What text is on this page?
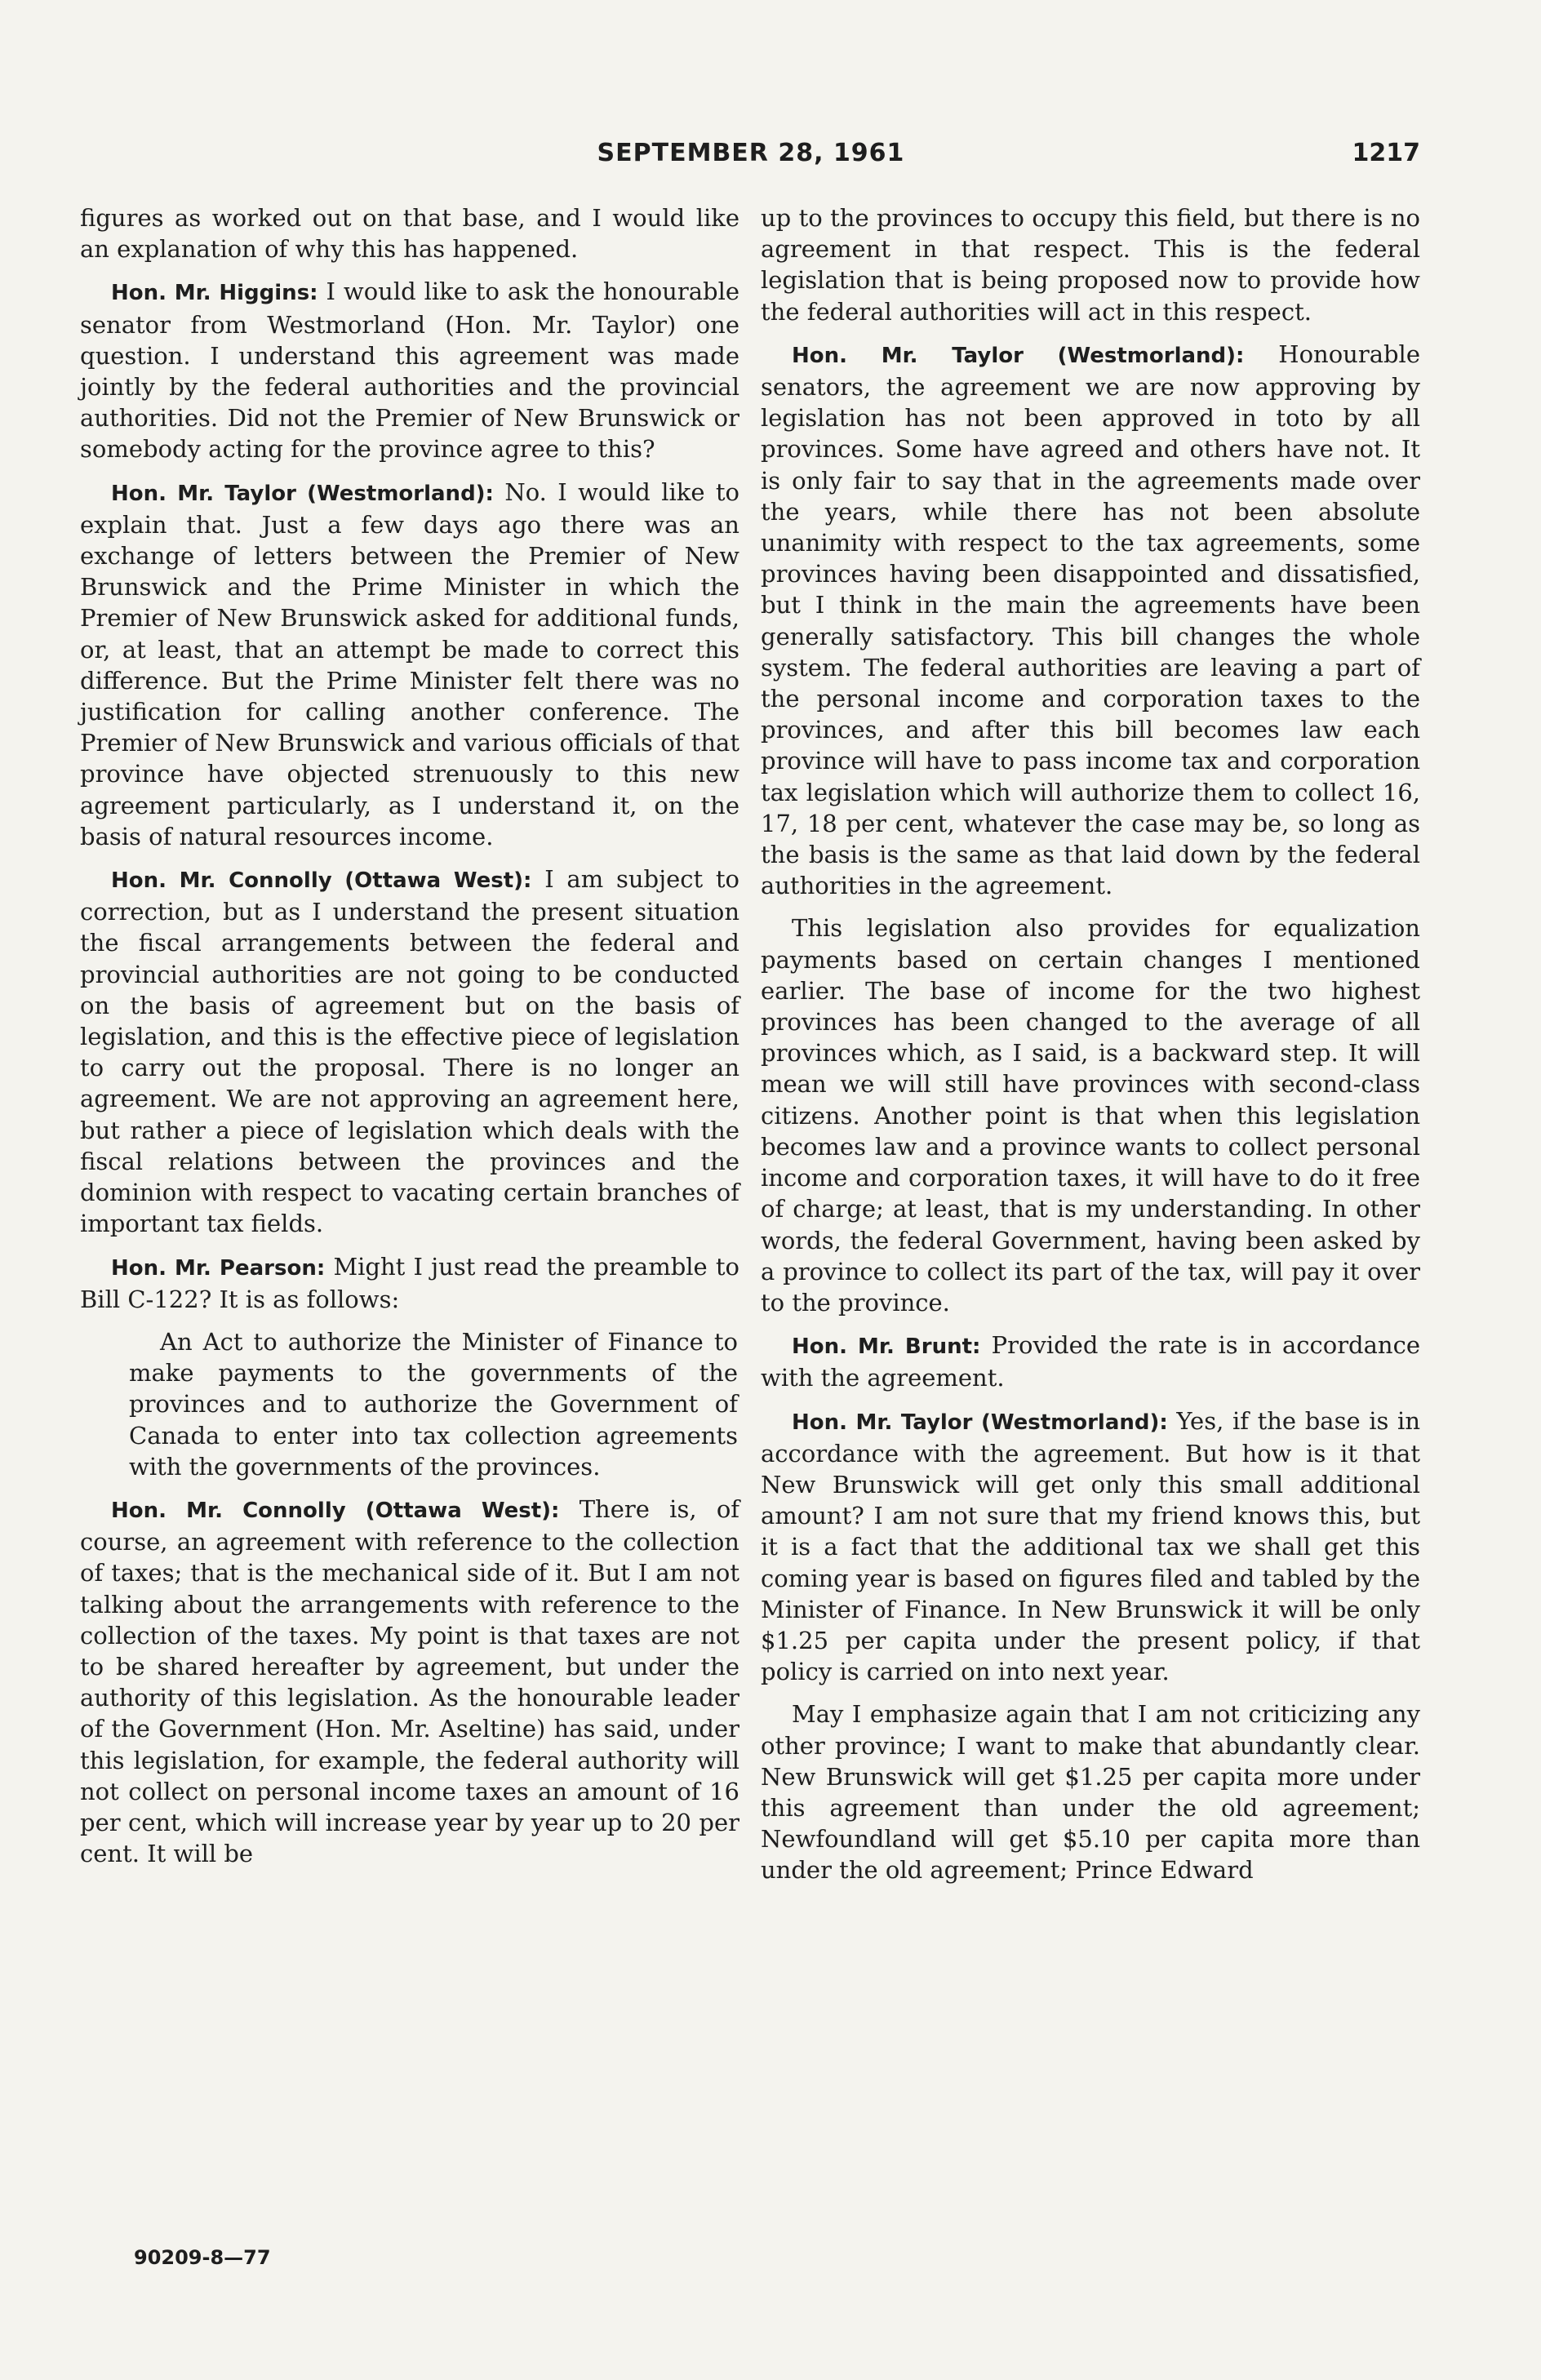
SEPTEMBER 28, 1961	1217

figures as worked out on that base, and I would like an explanation of why this has happened.

Hon. Mr. Higgins: I would like to ask the honourable senator from Westmorland (Hon. Mr. Taylor) one question. I understand this agreement was made jointly by the federal authorities and the provincial authorities. Did not the Premier of New Brunswick or somebody acting for the province agree to this?

Hon. Mr. Taylor (Westmorland): No. I would like to explain that. Just a few days ago there was an exchange of letters between the Premier of New Brunswick and the Prime Minister in which the Premier of New Brunswick asked for additional funds, or, at least, that an attempt be made to correct this difference. But the Prime Minister felt there was no justification for calling another conference. The Premier of New Brunswick and various officials of that province have objected strenuously to this new agreement particularly, as I understand it, on the basis of natural resources income.

Hon. Mr. Connolly (Ottawa West): I am subject to correction, but as I understand the present situation the fiscal arrangements between the federal and provincial authorities are not going to be conducted on the basis of agreement but on the basis of legislation, and this is the effective piece of legislation to carry out the proposal. There is no longer an agreement. We are not approving an agreement here, but rather a piece of legislation which deals with the fiscal relations between the provinces and the dominion with respect to vacating certain branches of important tax fields.

Hon. Mr. Pearson: Might I just read the preamble to Bill C-122? It is as follows:

An Act to authorize the Minister of Finance to make payments to the governments of the provinces and to authorize the Government of Canada to enter into tax collection agreements with the governments of the provinces.

Hon. Mr. Connolly (Ottawa West): There is, of course, an agreement with reference to the collection of taxes; that is the mechanical side of it. But I am not talking about the arrangements with reference to the collection of the taxes. My point is that taxes are not to be shared hereafter by agreement, but under the authority of this legislation. As the honourable leader of the Government (Hon. Mr. Aseltine) has said, under this legislation, for example, the federal authority will not collect on personal income taxes an amount of 16 per cent, which will increase year by year up to 20 per cent. It will be

up to the provinces to occupy this field, but there is no agreement in that respect. This is the federal legislation that is being proposed now to provide how the federal authorities will act in this respect.

Hon. Mr. Taylor (Westmorland): Honourable senators, the agreement we are now approving by legislation has not been approved in toto by all provinces. Some have agreed and others have not. It is only fair to say that in the agreements made over the years, while there has not been absolute unanimity with respect to the tax agreements, some provinces having been disappointed and dissatisfied, but I think in the main the agreements have been generally satisfactory. This bill changes the whole system. The federal authorities are leaving a part of the personal income and corporation taxes to the provinces, and after this bill becomes law each province will have to pass income tax and corporation tax legislation which will authorize them to collect 16, 17, 18 per cent, whatever the case may be, so long as the basis is the same as that laid down by the federal authorities in the agreement.

This legislation also provides for equalization payments based on certain changes I mentioned earlier. The base of income for the two highest provinces has been changed to the average of all provinces which, as I said, is a backward step. It will mean we will still have provinces with second-class citizens. Another point is that when this legislation becomes law and a province wants to collect personal income and corporation taxes, it will have to do it free of charge; at least, that is my understanding. In other words, the federal Government, having been asked by a province to collect its part of the tax, will pay it over to the province.

Hon. Mr. Brunt: Provided the rate is in accordance with the agreement.

Hon. Mr. Taylor (Westmorland): Yes, if the base is in accordance with the agreement. But how is it that New Brunswick will get only this small additional amount? I am not sure that my friend knows this, but it is a fact that the additional tax we shall get this coming year is based on figures filed and tabled by the Minister of Finance. In New Brunswick it will be only $1.25 per capita under the present policy, if that policy is carried on into next year.

May I emphasize again that I am not criticizing any other province; I want to make that abundantly clear. New Brunswick will get $1.25 per capita more under this agreement than under the old agreement; Newfoundland will get $5.10 per capita more than under the old agreement; Prince Edward

90209-8—77
